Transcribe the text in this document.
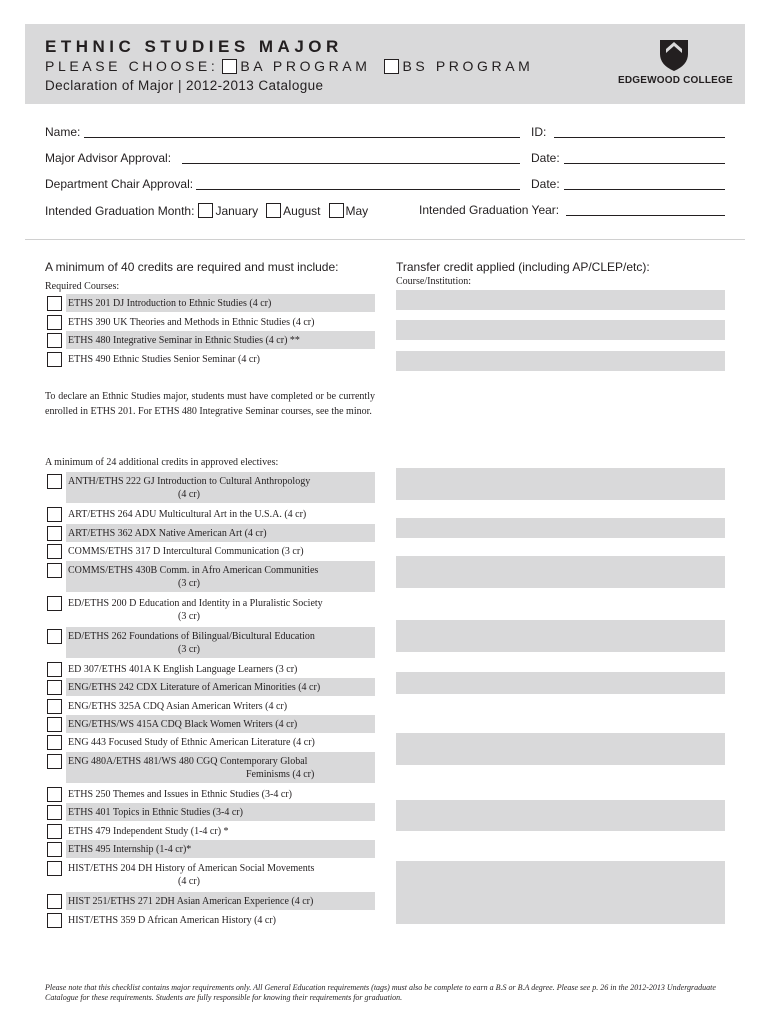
ETHNIC STUDIES MAJOR
PLEASE CHOOSE: BA PROGRAM BS PROGRAM
Declaration of Major | 2012-2013 Catalogue	EDGEWOOD COLLEGE
Name:	ID:
Major Advisor Approval:	Date:
Department Chair Approval:	Date:
Intended Graduation Month: January August May	Intended Graduation Year:
A minimum of 40 credits are required and must include:
Required Courses:
ETHS 201 DJ Introduction to Ethnic Studies (4 cr)
ETHS 390 UK Theories and Methods in Ethnic Studies (4 cr)
ETHS 480 Integrative Seminar in Ethnic Studies (4 cr) **
ETHS 490 Ethnic Studies Senior Seminar (4 cr)
To declare an Ethnic Studies major, students must have completed or be currently enrolled in ETHS 201. For ETHS 480 Integrative Seminar courses, see the minor.
A minimum of 24 additional credits in approved electives:
ANTH/ETHS 222 GJ Introduction to Cultural Anthropology
(4 cr)
ART/ETHS 264 ADU Multicultural Art in the U.S.A. (4 cr)
ART/ETHS 362 ADX Native American Art (4 cr)
COMMS/ETHS 317 D Intercultural Communication (3 cr)
COMMS/ETHS 430B Comm. in Afro American Communities
(3 cr)
ED/ETHS 200 D Education and Identity in a Pluralistic Society
(3 cr)
ED/ETHS 262 Foundations of Bilingual/Bicultural Education
(3 cr)
ED 307/ETHS 401A K English Language Learners (3 cr)
ENG/ETHS 242 CDX Literature of American Minorities (4 cr)
ENG/ETHS 325A CDQ Asian American Writers (4 cr)
ENG/ETHS/WS 415A CDQ Black Women Writers (4 cr)
ENG 443 Focused Study of Ethnic American Literature (4 cr)
ENG 480A/ETHS 481/WS 480 CGQ Contemporary Global
Feminisms (4 cr)
ETHS 250 Themes and Issues in Ethnic Studies (3-4 cr)
ETHS 401 Topics in Ethnic Studies (3-4 cr)
ETHS 479 Independent Study (1-4 cr) *
ETHS 495 Internship (1-4 cr)*
HIST/ETHS 204 DH History of American Social Movements
(4 cr)
HIST 251/ETHS 271 2DH Asian American Experience (4 cr)
HIST/ETHS 359 D African American History (4 cr)
Transfer credit applied (including AP/CLEP/etc):
Course/Institution:
Please note that this checklist contains major requirements only. All General Education requirements (tags) must also be complete to earn a B.S or B.A degree. Please see p. 26 in the 2012-2013 Undergraduate Catalogue for these requirements. Students are fully responsible for knowing their requirements for graduation.
